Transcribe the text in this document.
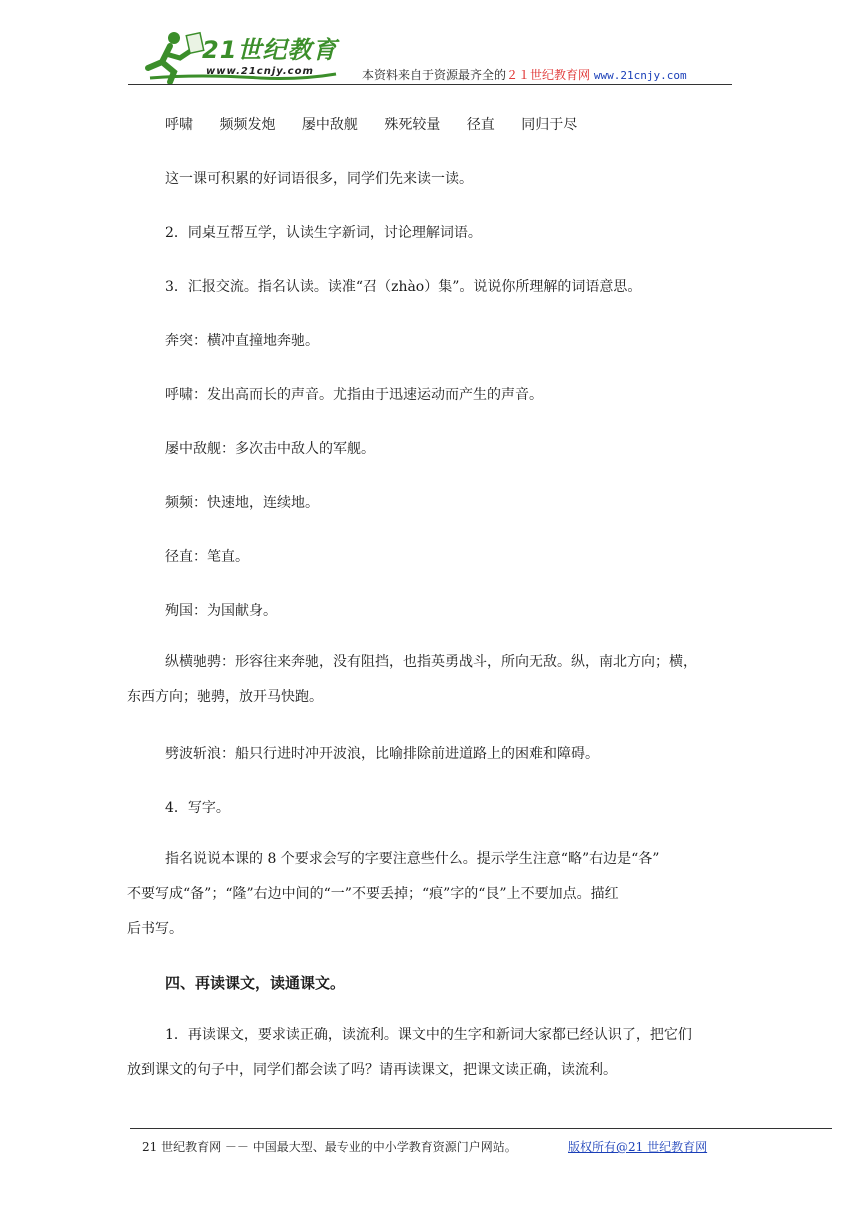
21世纪教育
www.21cnjy.com	本资料来自于资源最齐全的２１世纪教育网 www.21cnjy.com
呼啸 频频发炮 屡中敌舰 殊死较量 径直 同归于尽
这一课可积累的好词语很多，同学们先来读一读。
2．同桌互帮互学，认读生字新词，讨论理解词语。
3．汇报交流。指名认读。读准“召（zhào）集”。说说你所理解的词语意思。
奔突：横冲直撞地奔驰。
呼啸：发出高而长的声音。尤指由于迅速运动而产生的声音。
屡中敌舰：多次击中敌人的军舰。
频频：快速地，连续地。
径直：笔直。
殉国：为国献身。
纵横驰骋：形容往来奔驰，没有阻挡，也指英勇战斗，所向无敌。纵，南北方向；横，
东西方向；驰骋，放开马快跑。
劈波斩浪：船只行进时冲开波浪，比喻排除前进道路上的困难和障碍。
4．写字。
指名说说本课的 8 个要求会写的字要注意些什么。提示学生注意“略”右边是“各”
不要写成“备”；“隆”右边中间的“一”不要丢掉；“痕”字的“艮”上不要加点。描红
后书写。
四、再读课文，读通课文。
1．再读课文，要求读正确，读流利。课文中的生字和新词大家都已经认识了，把它们
放到课文的句子中，同学们都会读了吗？请再读课文，把课文读正确，读流利。
21 世纪教育网 －－ 中国最大型、最专业的中小学教育资源门户网站。	版权所有@21 世纪教育网
